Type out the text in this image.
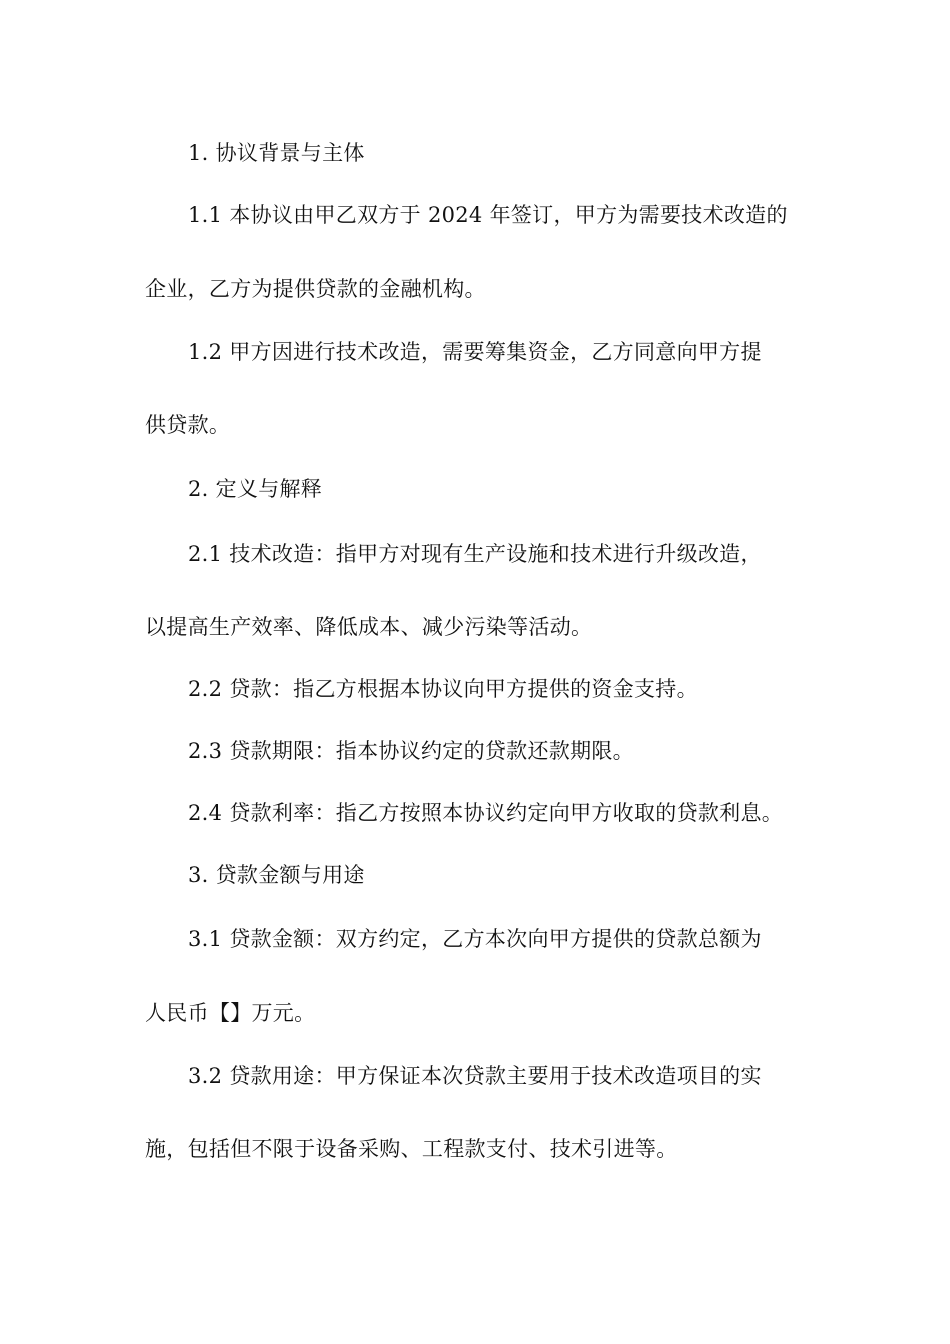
1. 协议背景与主体
1.1 本协议由甲乙双方于 2024 年签订，甲方为需要技术改造的
企业，乙方为提供贷款的金融机构。
1.2 甲方因进行技术改造，需要筹集资金，乙方同意向甲方提
供贷款。
2. 定义与解释
2.1 技术改造：指甲方对现有生产设施和技术进行升级改造，
以提高生产效率、降低成本、减少污染等活动。
2.2 贷款：指乙方根据本协议向甲方提供的资金支持。
2.3 贷款期限：指本协议约定的贷款还款期限。
2.4 贷款利率：指乙方按照本协议约定向甲方收取的贷款利息。
3. 贷款金额与用途
3.1 贷款金额：双方约定，乙方本次向甲方提供的贷款总额为
人民币【】万元。
3.2 贷款用途：甲方保证本次贷款主要用于技术改造项目的实
施，包括但不限于设备采购、工程款支付、技术引进等。
